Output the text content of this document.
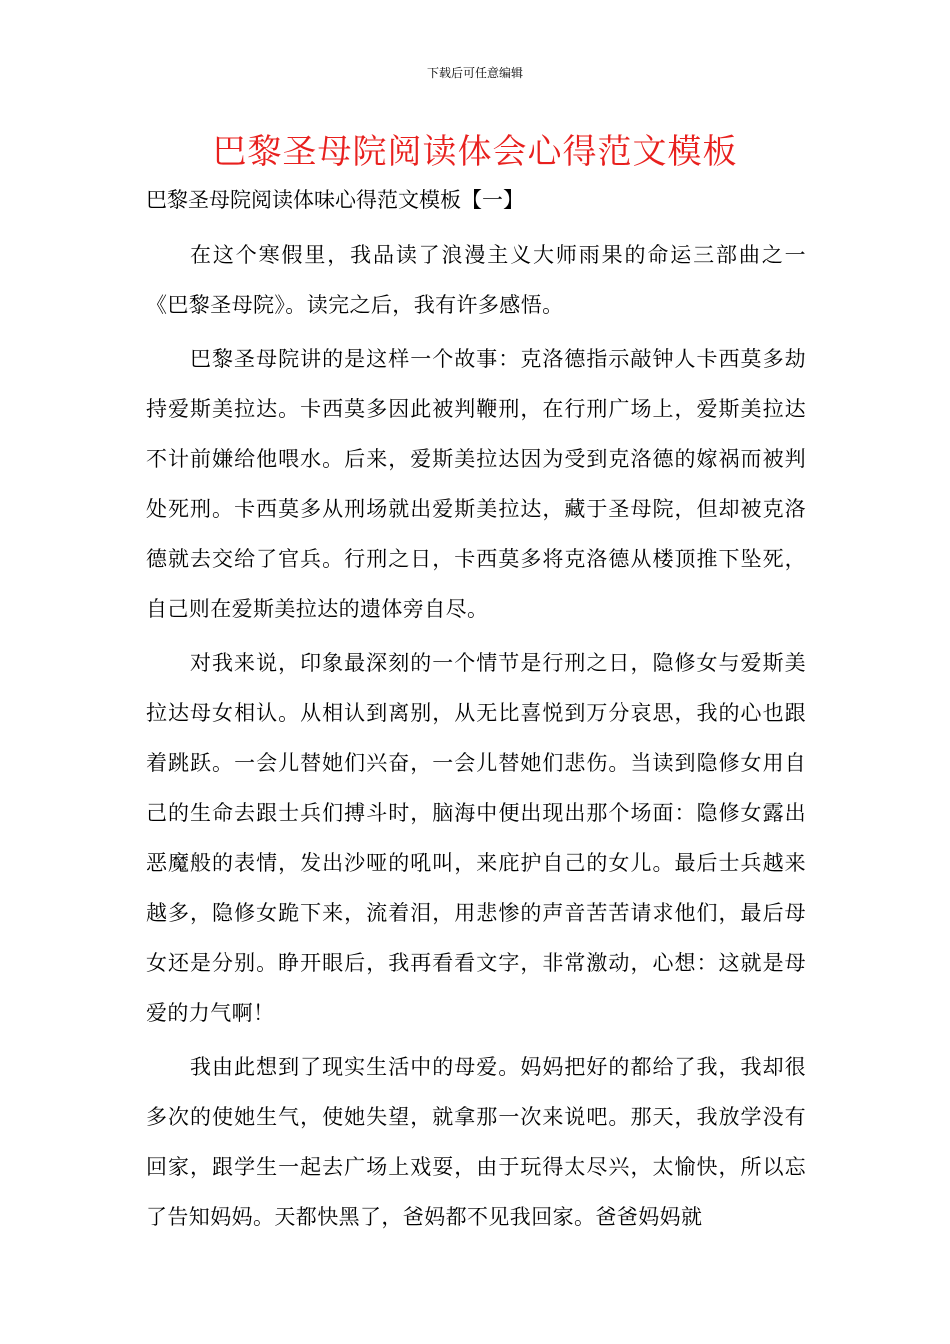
下载后可任意编辑
巴黎圣母院阅读体会心得范文模板
巴黎圣母院阅读体味心得范文模板【一】

在这个寒假里，我品读了浪漫主义大师雨果的命运三部曲之一《巴黎圣母院》。读完之后，我有许多感悟。

巴黎圣母院讲的是这样一个故事：克洛德指示敲钟人卡西莫多劫持爱斯美拉达。卡西莫多因此被判鞭刑，在行刑广场上，爱斯美拉达不计前嫌给他喂水。后来，爱斯美拉达因为受到克洛德的嫁祸而被判处死刑。卡西莫多从刑场就出爱斯美拉达，藏于圣母院，但却被克洛德就去交给了官兵。行刑之日，卡西莫多将克洛德从楼顶推下坠死，自己则在爱斯美拉达的遗体旁自尽。

对我来说，印象最深刻的一个情节是行刑之日，隐修女与爱斯美拉达母女相认。从相认到离别，从无比喜悦到万分哀思，我的心也跟着跳跃。一会儿替她们兴奋，一会儿替她们悲伤。当读到隐修女用自己的生命去跟士兵们搏斗时，脑海中便出现出那个场面：隐修女露出恶魔般的表情，发出沙哑的吼叫，来庇护自己的女儿。最后士兵越来越多，隐修女跪下来，流着泪，用悲惨的声音苦苦请求他们，最后母女还是分别。睁开眼后，我再看看文字，非常激动，心想：这就是母爱的力气啊！

我由此想到了现实生活中的母爱。妈妈把好的都给了我，我却很多次的使她生气，使她失望，就拿那一次来说吧。那天，我放学没有回家，跟学生一起去广场上戏耍，由于玩得太尽兴，太愉快，所以忘了告知妈妈。天都快黑了，爸妈都不见我回家。爸爸妈妈就
